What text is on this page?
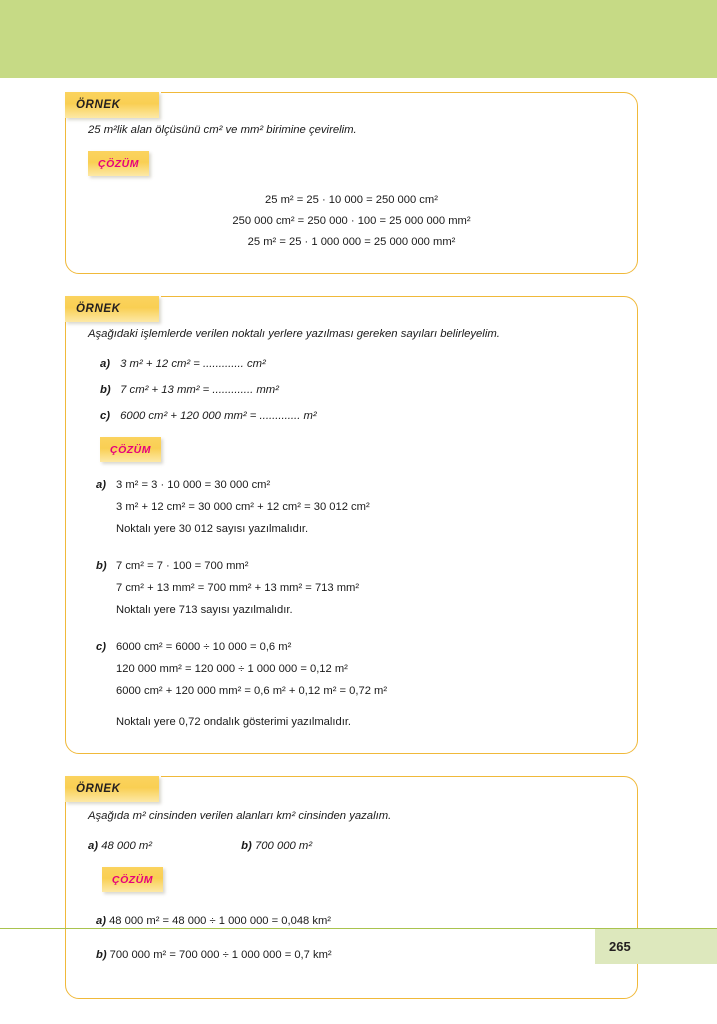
ÖRNEK

25 m²lik alan ölçüsünü cm² ve mm² birimine çevirelim.

ÇÖZÜM
25 m² = 25 · 10 000 = 250 000 cm²
250 000 cm² = 250 000 · 100 = 25 000 000 mm²
25 m² = 25 · 1 000 000 = 25 000 000 mm²
ÖRNEK

Aşağıdaki işlemlerde verilen noktalı yerlere yazılması gereken sayıları belirleyelim.

a) 3 m² + 12 cm² = ............. cm²

b) 7 cm² + 13 mm² = ............. mm²

c) 6000 cm² + 120 000 mm² = ............. m²

ÇÖZÜM

a) 3 m² = 3 · 10 000 = 30 000 cm²

3 m² + 12 cm² = 30 000 cm² + 12 cm² = 30 012 cm²

Noktalı yere 30 012 sayısı yazılmalıdır.

b) 7 cm² = 7 · 100 = 700 mm²

7 cm² + 13 mm² = 700 mm² + 13 mm² = 713 mm²

Noktalı yere 713 sayısı yazılmalıdır.

c) 6000 cm² = 6000 ÷ 10 000 = 0,6 m²

120 000 mm² = 120 000 ÷ 1 000 000 = 0,12 m²

6000 cm² + 120 000 mm² = 0,6 m² + 0,12 m² = 0,72 m²

Noktalı yere 0,72 ondalık gösterimi yazılmalıdır.

ÖRNEK

Aşağıda m² cinsinden verilen alanları km² cinsinden yazalım.

a) 48 000 m²	b) 700 000 m²

ÇÖZÜM

a) 48 000 m² = 48 000 ÷ 1 000 000 = 0,048 km²

b) 700 000 m² = 700 000 ÷ 1 000 000 = 0,7 km²

265
